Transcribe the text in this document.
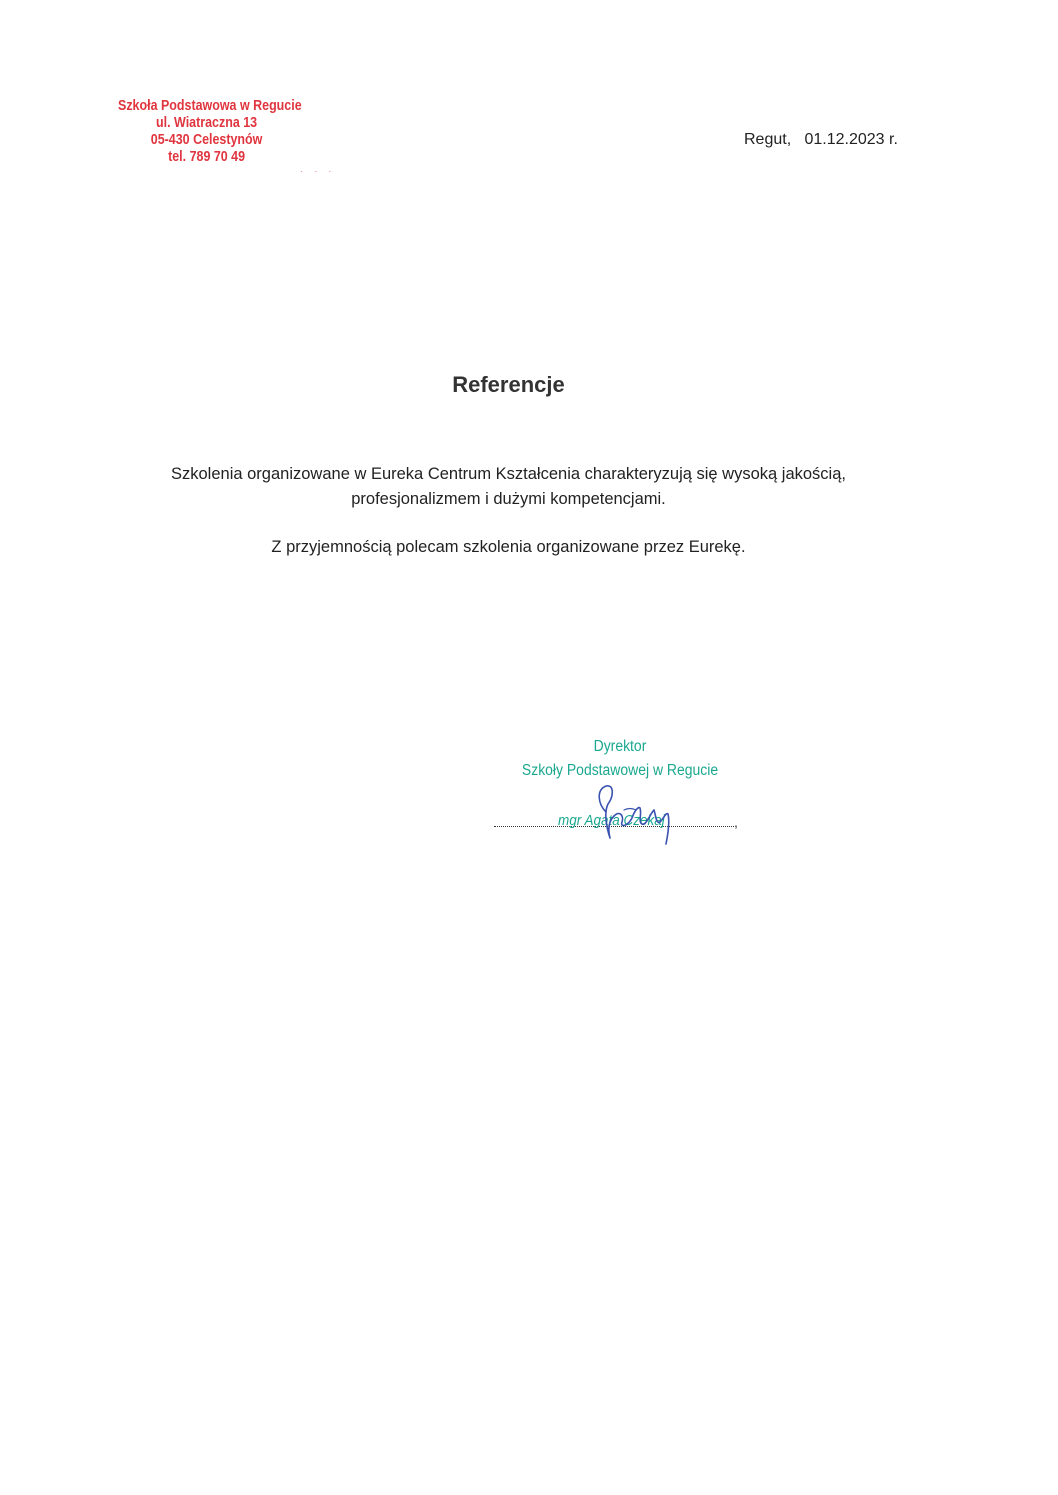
Szkoła Podstawowa w Regucie
ul. Wiatraczna 13
05-430 Celestynów
tel. 789 70 49
· · ·
Regut, 01.12.2023 r.
Referencje
Szkolenia organizowane w Eureka Centrum Kształcenia charakteryzują się wysoką jakością,
profesjonalizmem i dużymi kompetencjami.
Z przyjemnością polecam szkolenia organizowane przez Eurekę.
Dyrektor
Szkoły Podstawowej w Regucie
,
mgr Agata Czekaj
